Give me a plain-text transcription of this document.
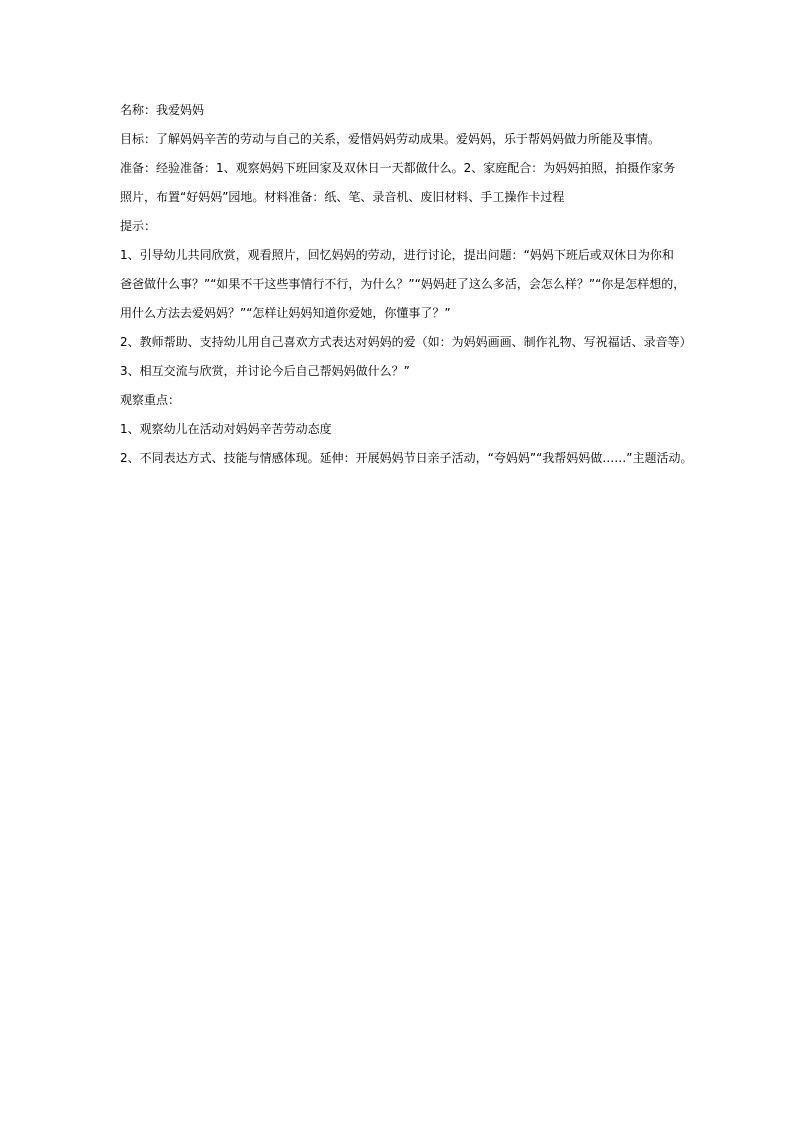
名称：我爱妈妈
目标：了解妈妈辛苦的劳动与自己的关系，爱惜妈妈劳动成果。爱妈妈，乐于帮妈妈做力所能及事情。
准备：经验准备：1、观察妈妈下班回家及双休日一天都做什么。2、家庭配合：为妈妈拍照，拍摄作家务
照片，布置“好妈妈”园地。材料准备：纸、笔、录音机、废旧材料、手工操作卡过程
提示：
1、引导幼儿共同欣赏，观看照片，回忆妈妈的劳动，进行讨论，提出问题：“妈妈下班后或双休日为你和
爸爸做什么事？”“如果不干这些事情行不行，为什么？”“妈妈赶了这么多活，会怎么样？”“你是怎样想的，
用什么方法去爱妈妈？”“怎样让妈妈知道你爱她，你懂事了？”
2、教师帮助、支持幼儿用自己喜欢方式表达对妈妈的爱（如：为妈妈画画、制作礼物、写祝福话、录音等）
3、相互交流与欣赏，并讨论今后自己帮妈妈做什么？”
观察重点：
1、观察幼儿在活动对妈妈辛苦劳动态度
2、不同表达方式、技能与情感体现。延伸：开展妈妈节日亲子活动，“夸妈妈”“我帮妈妈做……”主题活动。
